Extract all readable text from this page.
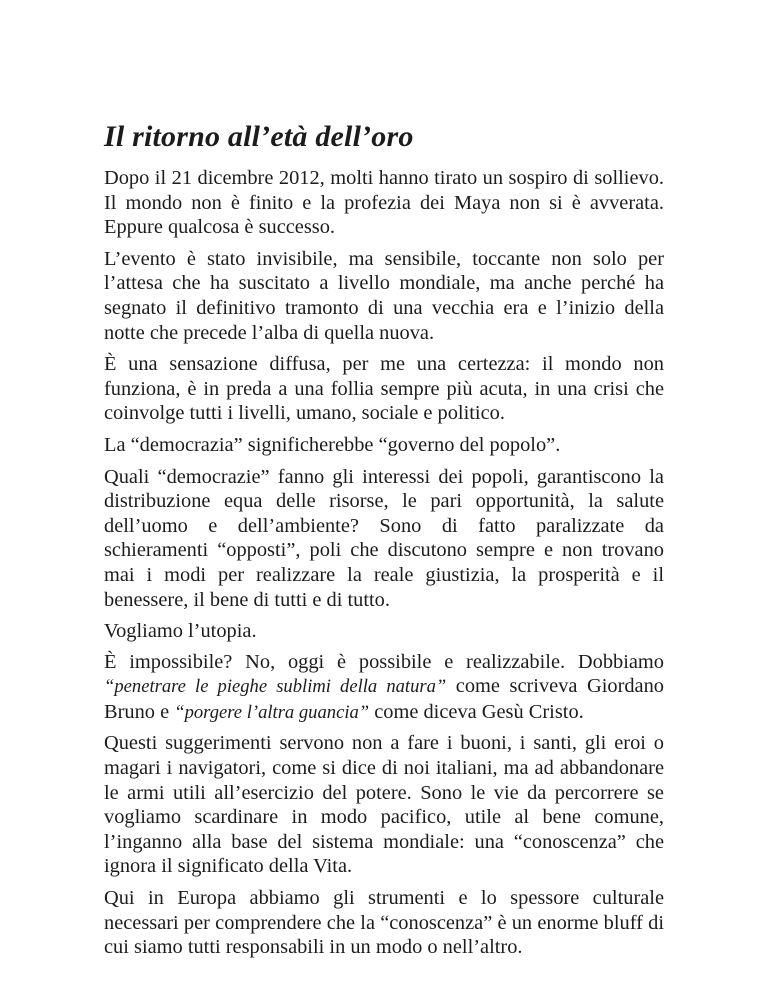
Il ritorno all’età dell’oro

Dopo il 21 dicembre 2012, molti hanno tirato un sospiro di sollievo. Il mondo non è finito e la profezia dei Maya non si è avverata. Eppure qualcosa è successo.

L’evento è stato invisibile, ma sensibile, toccante non solo per l’attesa che ha suscitato a livello mondiale, ma anche perché ha segnato il definitivo tramonto di una vecchia era e l’inizio della notte che precede l’alba di quella nuova.

È una sensazione diffusa, per me una certezza: il mondo non funziona, è in preda a una follia sempre più acuta, in una crisi che coinvolge tutti i livelli, umano, sociale e politico.

La “democrazia” significherebbe “governo del popolo”.

Quali “democrazie” fanno gli interessi dei popoli, garantiscono la distribuzione equa delle risorse, le pari opportunità, la salute dell’uomo e dell’ambiente? Sono di fatto paralizzate da schieramenti “opposti”, poli che discutono sempre e non trovano mai i modi per realizzare la reale giustizia, la prosperità e il benessere, il bene di tutti e di tutto.

Vogliamo l’utopia.

È impossibile? No, oggi è possibile e realizzabile. Dobbiamo “penetrare le pieghe sublimi della natura” come scriveva Giordano Bruno e “porgere l’altra guancia” come diceva Gesù Cristo.

Questi suggerimenti servono non a fare i buoni, i santi, gli eroi o magari i navigatori, come si dice di noi italiani, ma ad abbandonare le armi utili all’esercizio del potere. Sono le vie da percorrere se vogliamo scardinare in modo pacifico, utile al bene comune, l’inganno alla base del sistema mondiale: una “conoscenza” che ignora il significato della Vita.

Qui in Europa abbiamo gli strumenti e lo spessore culturale necessari per comprendere che la “conoscenza” è un enorme bluff di cui siamo tutti responsabili in un modo o nell’altro.
